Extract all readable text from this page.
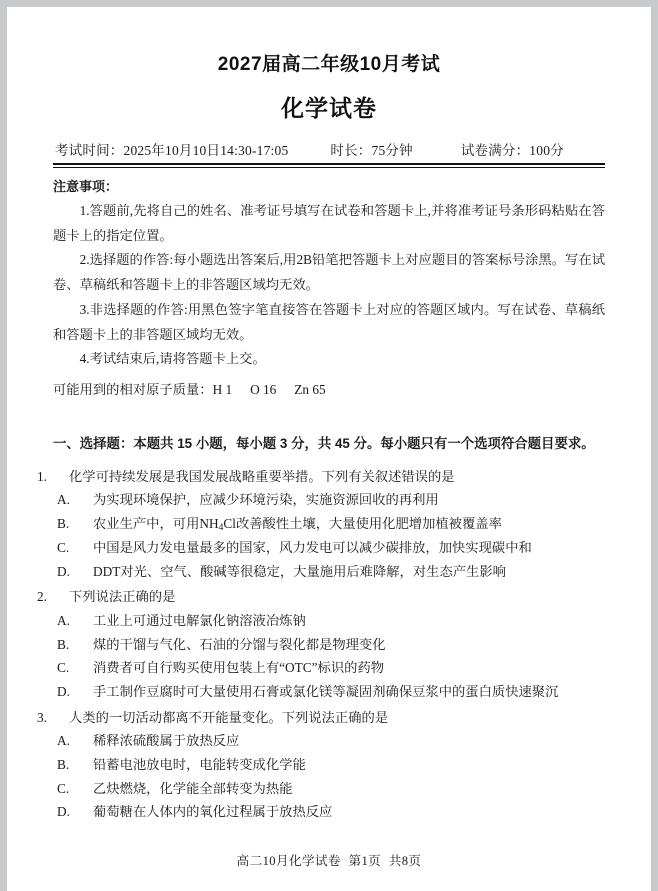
2027届高二年级10月考试
化学试卷
考试时间：2025年10月10日14:30-17:05	时长：75分钟	试卷满分：100分
注意事项：

1.答题前,先将自己的姓名、准考证号填写在试卷和答题卡上,并将准考证号条形码粘贴在答题卡上的指定位置。

2.选择题的作答:每小题选出答案后,用2B铅笔把答题卡上对应题目的答案标号涂黑。写在试卷、草稿纸和答题卡上的非答题区域均无效。

3.非选择题的作答:用黑色签字笔直接答在答题卡上对应的答题区域内。写在试卷、草稿纸和答题卡上的非答题区域均无效。

4.考试结束后,请将答题卡上交。

可能用到的相对原子质量：H 1 O 16 Zn 65

一、选择题：本题共 15 小题，每小题 3 分，共 45 分。每小题只有一个选项符合题目要求。

1. 化学可持续发展是我国发展战略重要举措。下列有关叙述错误的是

A. 为实现环境保护，应减少环境污染，实施资源回收的再利用
B. 农业生产中，可用$NH_4Cl$改善酸性土壤，大量使用化肥增加植被覆盖率
C. 中国是风力发电量最多的国家，风力发电可以减少碳排放，加快实现碳中和
D. DDT对光、空气、酸碱等很稳定，大量施用后难降解，对生态产生影响

2. 下列说法正确的是

A. 工业上可通过电解氯化钠溶液冶炼钠
B. 煤的干馏与气化、石油的分馏与裂化都是物理变化
C. 消费者可自行购买使用包装上有“OTC”标识的药物
D. 手工制作豆腐时可大量使用石膏或氯化镁等凝固剂确保豆浆中的蛋白质快速聚沉

3. 人类的一切活动都离不开能量变化。下列说法正确的是

A. 稀释浓硫酸属于放热反应
B. 铅蓄电池放电时，电能转变成化学能
C. 乙炔燃烧，化学能全部转变为热能
D. 葡萄糖在人体内的氧化过程属于放热反应
高二10月化学试卷 第1页 共8页
